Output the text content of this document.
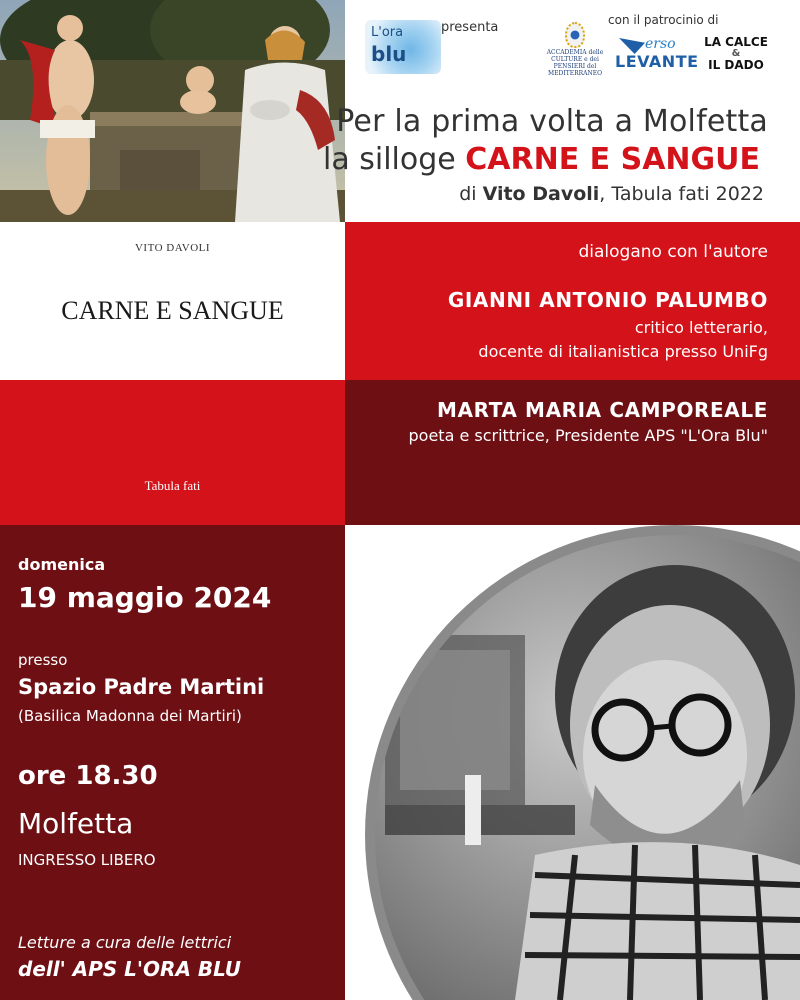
L'ora
blu
presenta	con il patrocinio di
ACCADEMIA delle CULTURE e dei PENSIERI del MEDITERRANEO
erso
LEVANTE
LA CALCE
&
IL DADO
Per la prima volta a Molfetta
la silloge CARNE E SANGUE
di Vito Davoli, Tabula fati 2022
VITO DAVOLI
CARNE E SANGUE
Tabula fati
dialogano con l'autore
GIANNI ANTONIO PALUMBO
critico letterario,
docente di italianistica presso UniFg
MARTA MARIA CAMPOREALE
poeta e scrittrice, Presidente APS "L'Ora Blu"
domenica
19 maggio 2024
presso
Spazio Padre Martini
(Basilica Madonna dei Martiri)
ore 18.30
Molfetta
INGRESSO LIBERO
Letture a cura delle lettrici
dell' APS L'ORA BLU
